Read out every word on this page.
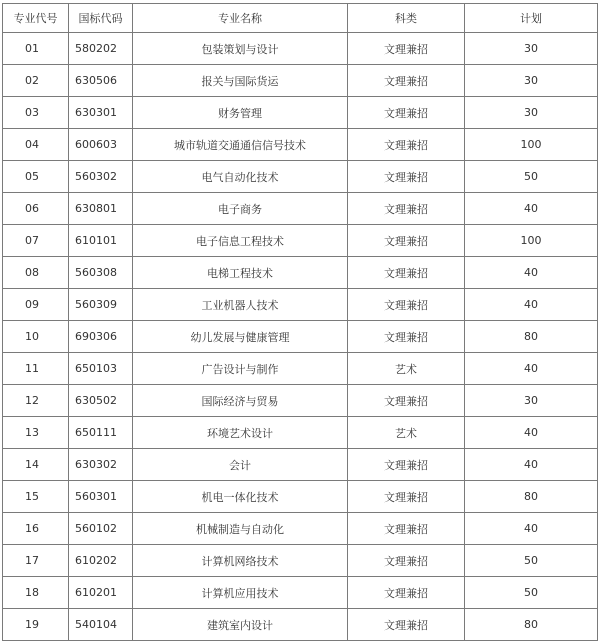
专业代号	国标代码	专业名称	科类	计划
01	580202	包装策划与设计	文理兼招	30
02	630506	报关与国际货运	文理兼招	30
03	630301	财务管理	文理兼招	30
04	600603	城市轨道交通通信信号技术	文理兼招	100
05	560302	电气自动化技术	文理兼招	50
06	630801	电子商务	文理兼招	40
07	610101	电子信息工程技术	文理兼招	100
08	560308	电梯工程技术	文理兼招	40
09	560309	工业机器人技术	文理兼招	40
10	690306	幼儿发展与健康管理	文理兼招	80
11	650103	广告设计与制作	艺术	40
12	630502	国际经济与贸易	文理兼招	30
13	650111	环境艺术设计	艺术	40
14	630302	会计	文理兼招	40
15	560301	机电一体化技术	文理兼招	80
16	560102	机械制造与自动化	文理兼招	40
17	610202	计算机网络技术	文理兼招	50
18	610201	计算机应用技术	文理兼招	50
19	540104	建筑室内设计	文理兼招	80
